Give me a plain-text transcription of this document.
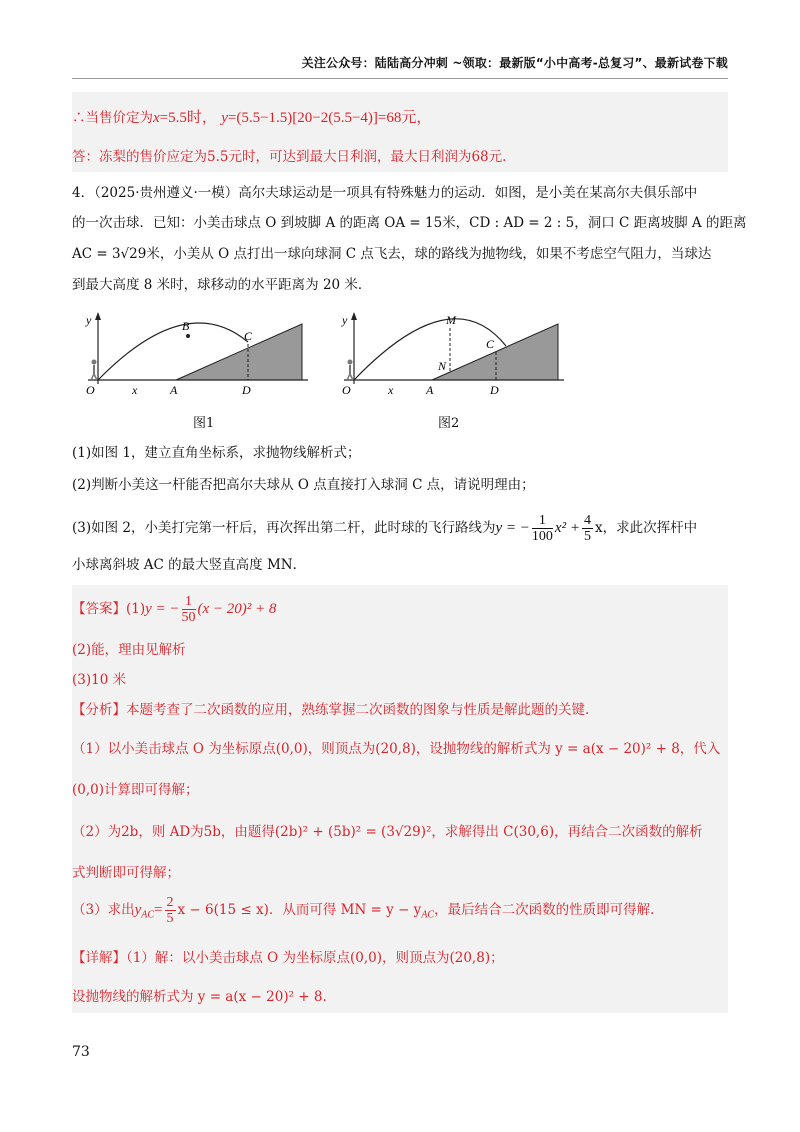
关注公众号：陆陆高分冲刺 ~领取：最新版“小中高考-总复习”、最新试卷下载
∴当售价定为x=5.5时， y=(5.5−1.5)[20−2(5.5−4)]=68元，
答：冻梨的售价应定为5.5元时，可达到最大日利润，最大日利润为68元.
4．（2025·贵州遵义·一模）高尔夫球运动是一项具有特殊魅力的运动．如图，是小美在某高尔夫俱乐部中
的一次击球．已知：小美击球点 O 到坡脚 A 的距离 OA = 15米，CD : AD = 2 : 5，洞口 C 距离坡脚 A 的距离
AC = 3√29米，小美从 O 点打出一球向球洞 C 点飞去，球的路线为抛物线，如果不考虑空气阻力，当球达
到最大高度 8 米时，球移动的水平距离为 20 米．
y
x
O	A
B
C
D
图1
y
x
O	A
M
N
C
D
图2
(1)如图 1，建立直角坐标系，求抛物线解析式；
(2)判断小美这一杆能否把高尔夫球从 O 点直接打入球洞 C 点，请说明理由；
(3)如图 2，小美打完第一杆后，再次挥出第二杆，此时球的飞行路线为y = − $\frac{1}{100} x^2 + \frac{4}{5}$ x，求此次挥杆中
小球离斜坡 AC 的最大竖直高度 MN．
【答案】(1)y = − $\frac{1}{50} (x - 20)^2 + 8$
(2)能，理由见解析
(3)10 米
【分析】本题考查了二次函数的应用，熟练掌握二次函数的图象与性质是解此题的关键.
（1）以小美击球点 O 为坐标原点(0,0)，则顶点为(20,8)，设抛物线的解析式为 y = a(x − 20)² + 8，代入
(0,0)计算即可得解；
（2）为2b，则 AD为5b，由题得(2b)² + (5b)² = (3√29)²，求解得出 C(30,6)，再结合二次函数的解析
式判断即可得解；
（3）求出$y_{AC}= \frac{2}{5}$ x − 6(15 ≤ x)．从而可得 MN = $y - y_{AC}$，最后结合二次函数的性质即可得解.
【详解】（1）解：以小美击球点 O 为坐标原点(0,0)，则顶点为(20,8)；
设抛物线的解析式为 y = a(x − 20)² + 8.
73
